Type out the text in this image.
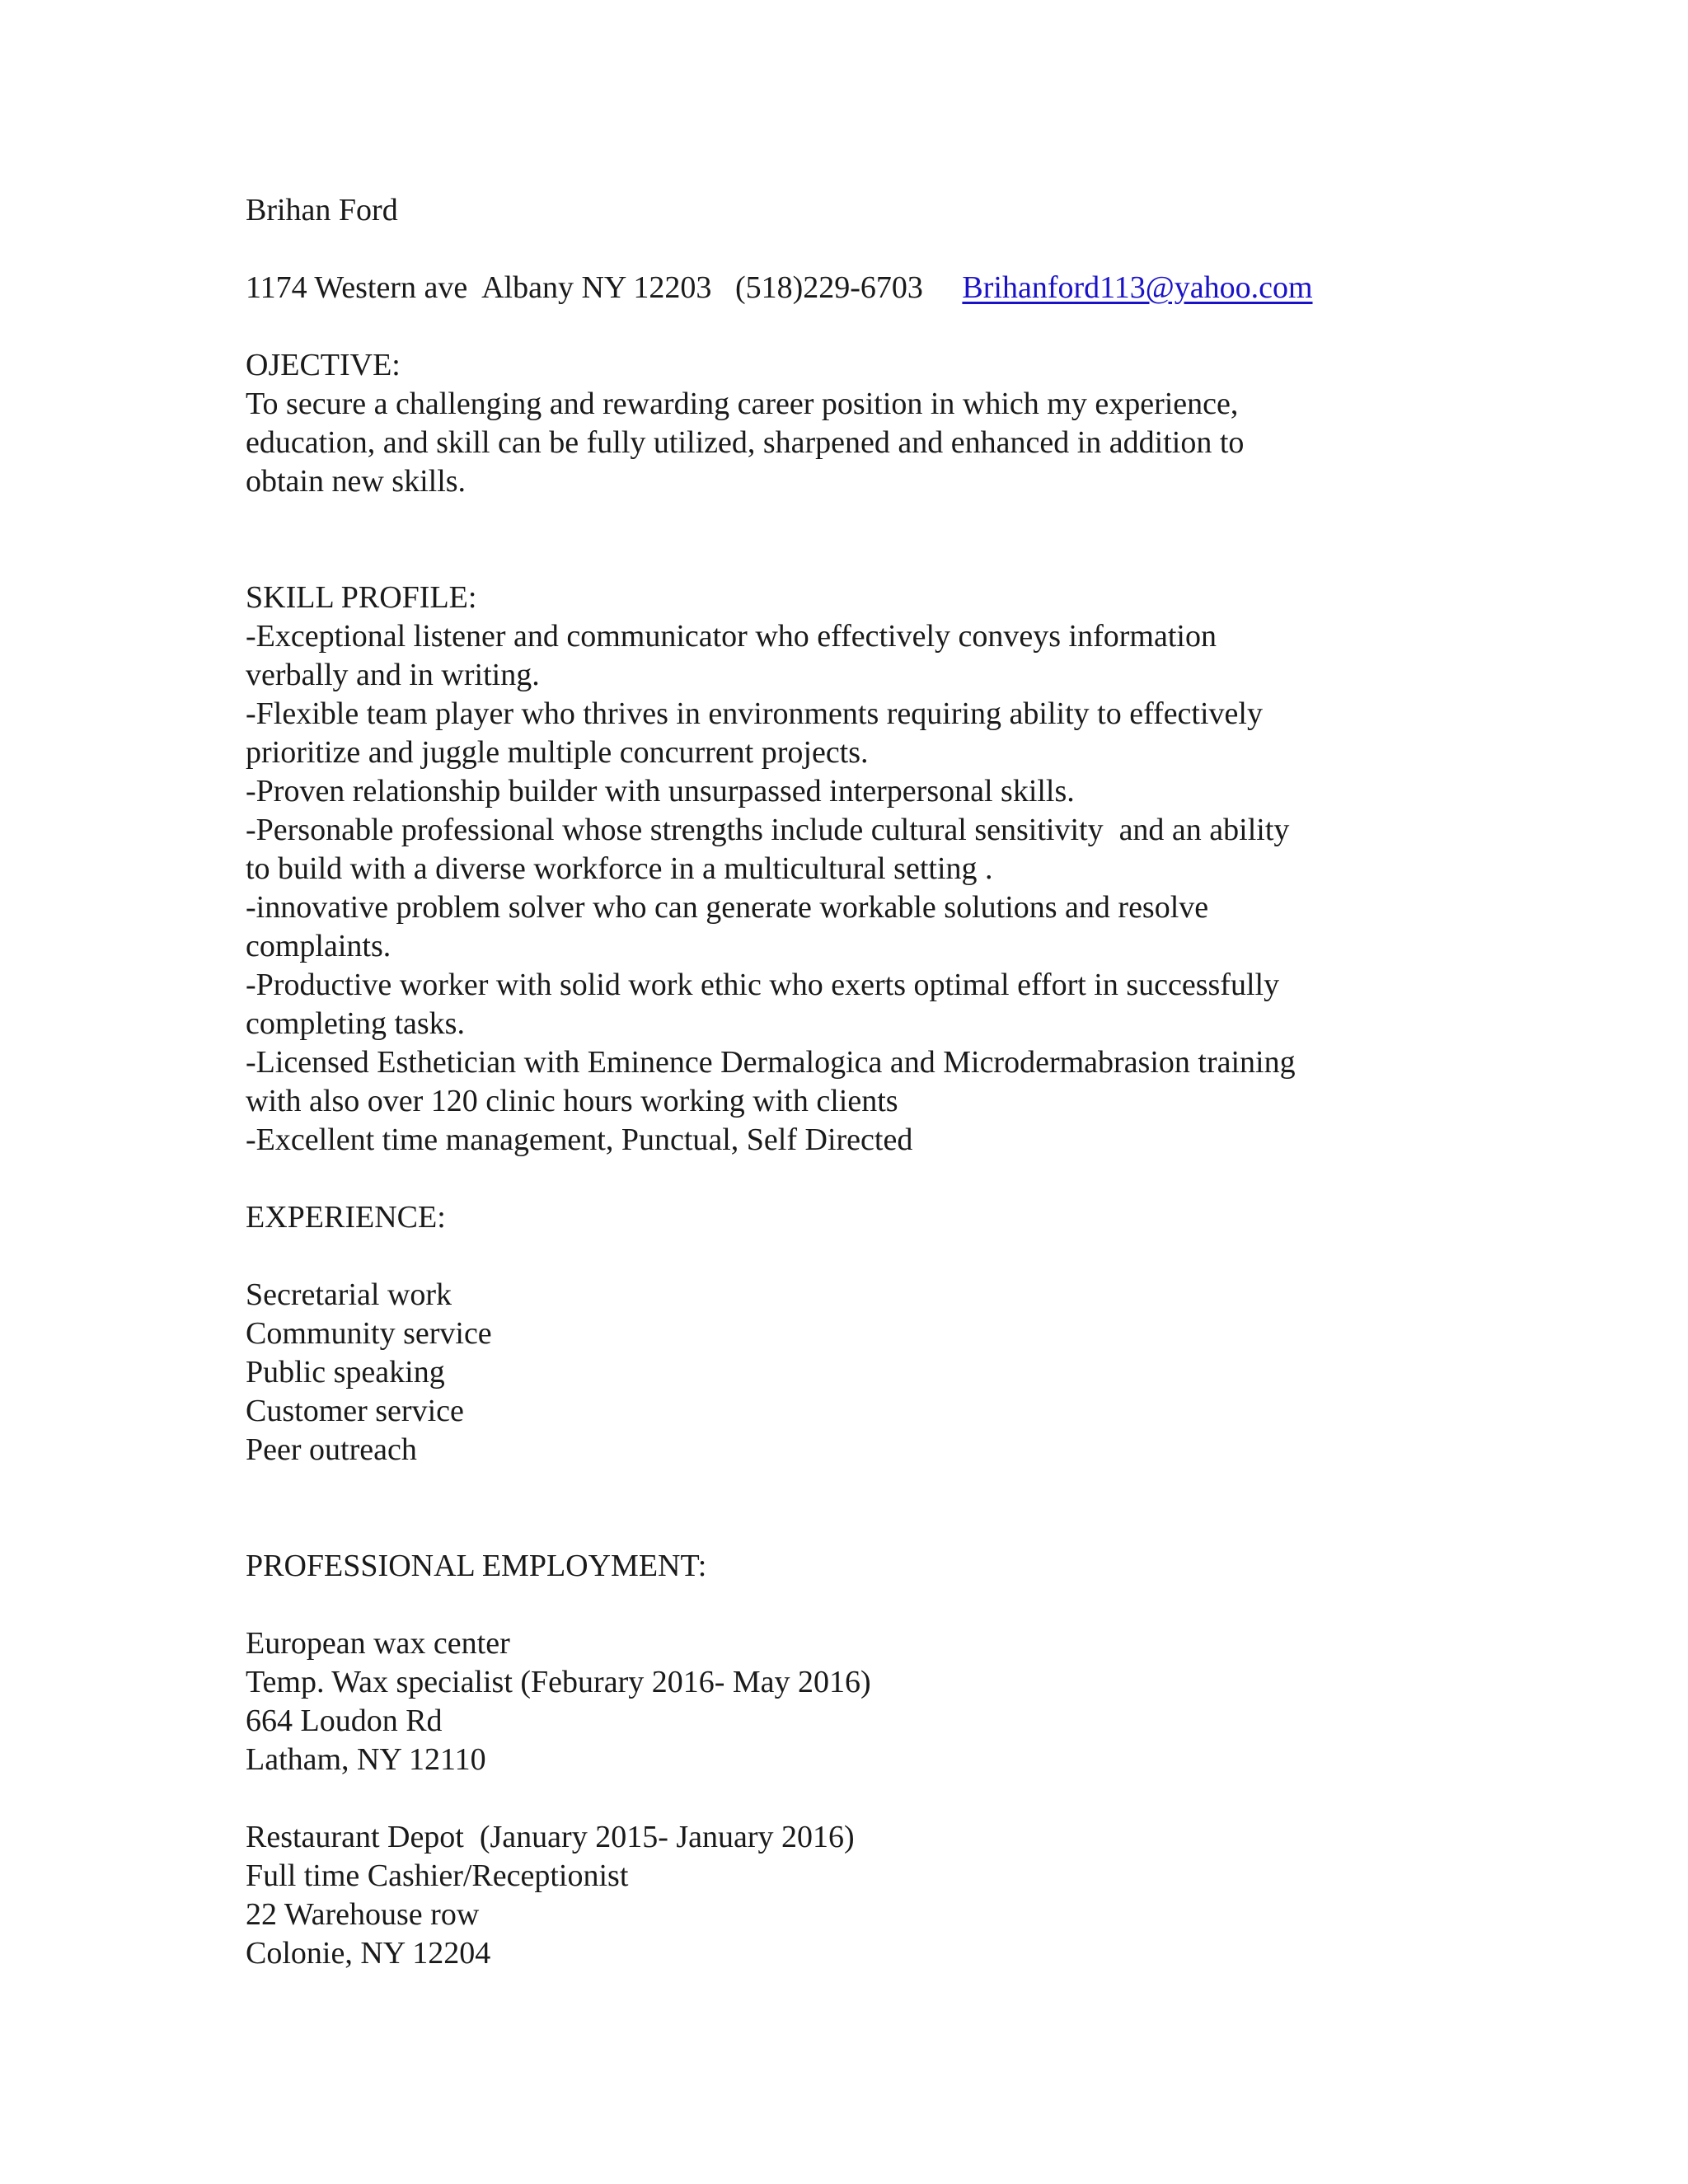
Brihan Ford
1174 Western ave  Albany NY 12203 (518)229-6703 Brihanford113@yahoo.com
OJECTIVE:
To secure a challenging and rewarding career position in which my experience,
education, and skill can be fully utilized, sharpened and enhanced in addition to
obtain new skills.
SKILL PROFILE:
-Exceptional listener and communicator who effectively conveys information
verbally and in writing.
-Flexible team player who thrives in environments requiring ability to effectively
prioritize and juggle multiple concurrent projects.
-Proven relationship builder with unsurpassed interpersonal skills.
-Personable professional whose strengths include cultural sensitivity  and an ability
to build with a diverse workforce in a multicultural setting .
-innovative problem solver who can generate workable solutions and resolve
complaints.
-Productive worker with solid work ethic who exerts optimal effort in successfully
completing tasks.
-Licensed Esthetician with Eminence Dermalogica and Microdermabrasion training
with also over 120 clinic hours working with clients
-Excellent time management, Punctual, Self Directed
EXPERIENCE:
Secretarial work
Community service
Public speaking
Customer service
Peer outreach
PROFESSIONAL EMPLOYMENT:
European wax center
Temp. Wax specialist (Feburary 2016- May 2016)
664 Loudon Rd
Latham, NY 12110
Restaurant Depot  (January 2015- January 2016)
Full time Cashier/Receptionist
22 Warehouse row
Colonie, NY 12204
